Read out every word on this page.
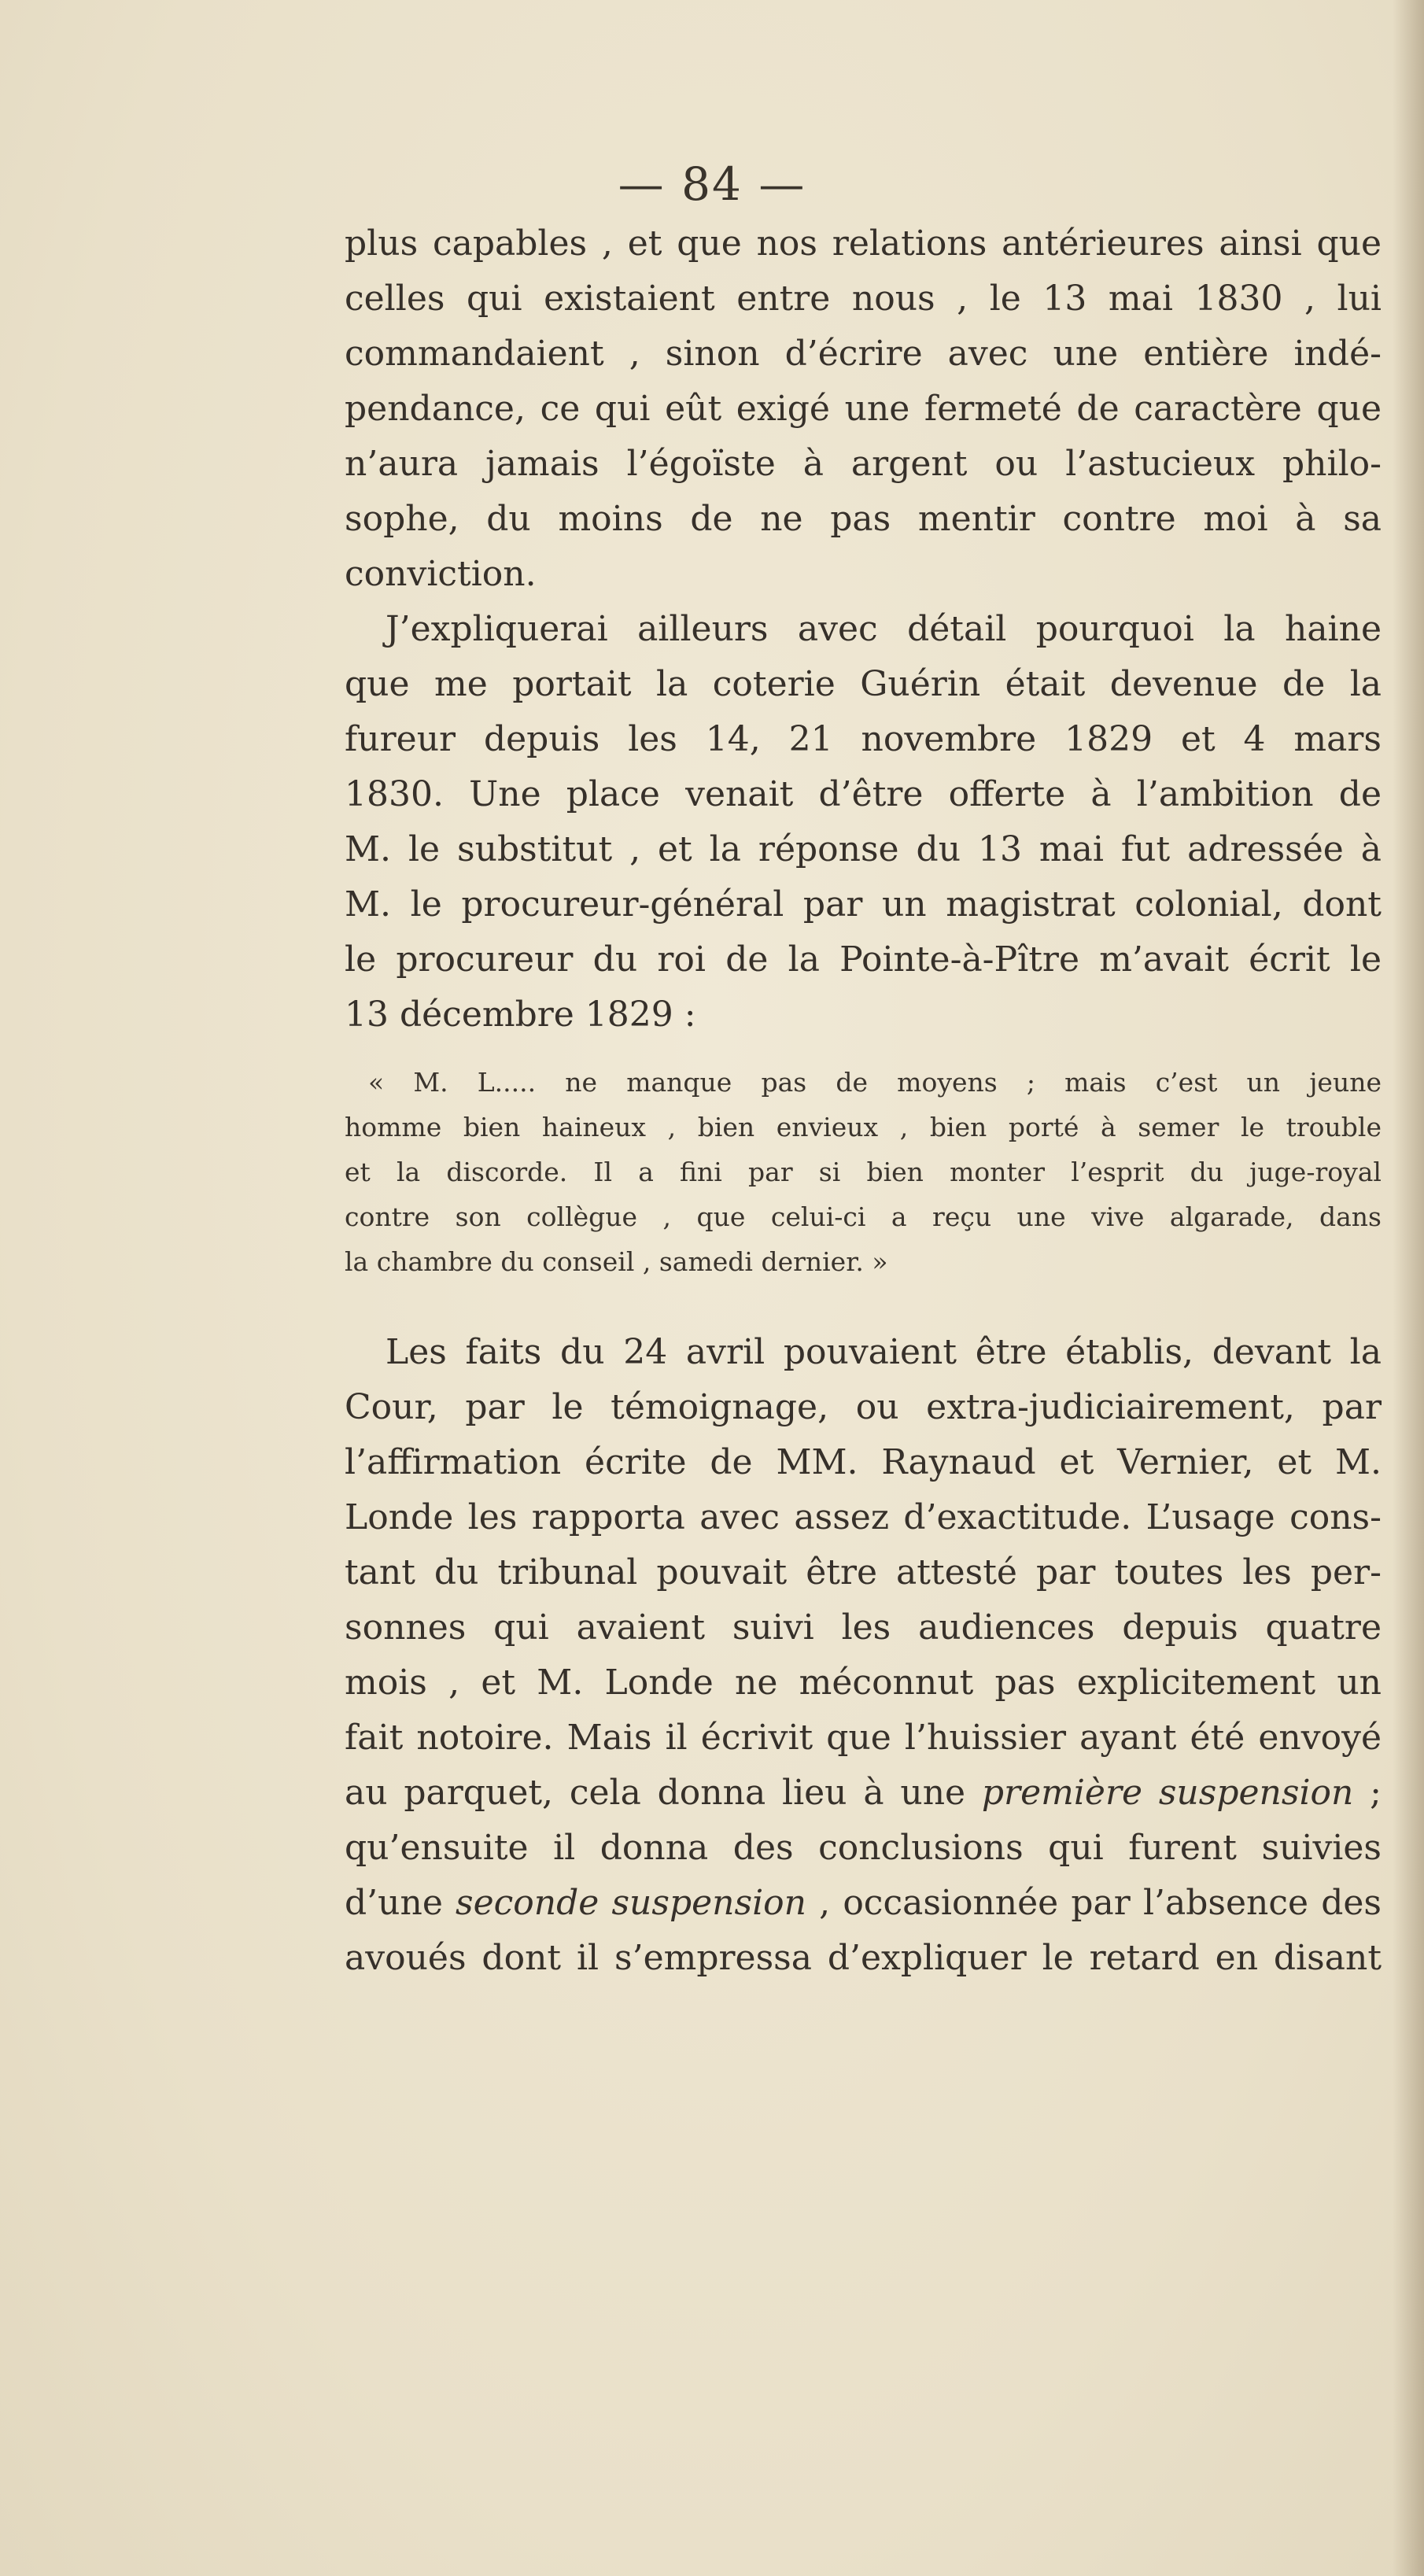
— 84 —
plus capables , et que nos relations antérieures ainsi que
celles qui existaient entre nous , le 13 mai 1830 , lui
commandaient , sinon d’écrire avec une entière indé-
pendance, ce qui eût exigé une fermeté de caractère que
n’aura jamais l’égoïste à argent ou l’astucieux philo-
sophe, du moins de ne pas mentir contre moi à sa
conviction.
J’expliquerai ailleurs avec détail pourquoi la haine
que me portait la coterie Guérin était devenue de la
fureur depuis les 14, 21 novembre 1829 et 4 mars
1830. Une place venait d’être offerte à l’ambition de
M. le substitut , et la réponse du 13 mai fut adressée à
M. le procureur-général par un magistrat colonial, dont
le procureur du roi de la Pointe-à-Pître m’avait écrit le
13 décembre 1829 :
« M. L..... ne manque pas de moyens ; mais c’est un jeune
homme bien haineux , bien envieux , bien porté à semer le trouble
et la discorde. Il a fini par si bien monter l’esprit du juge-royal
contre son collègue , que celui-ci a reçu une vive algarade, dans
la chambre du conseil , samedi dernier. »
Les faits du 24 avril pouvaient être établis, devant la
Cour, par le témoignage, ou extra-judiciairement, par
l’affirmation écrite de MM. Raynaud et Vernier, et M.
Londe les rapporta avec assez d’exactitude. L’usage cons-
tant du tribunal pouvait être attesté par toutes les per-
sonnes qui avaient suivi les audiences depuis quatre
mois , et M. Londe ne méconnut pas explicitement un
fait notoire. Mais il écrivit que l’huissier ayant été envoyé
au parquet, cela donna lieu à une première suspension ;
qu’ensuite il donna des conclusions qui furent suivies
d’une seconde suspension , occasionnée par l’absence des
avoués dont il s’empressa d’expliquer le retard en disant
